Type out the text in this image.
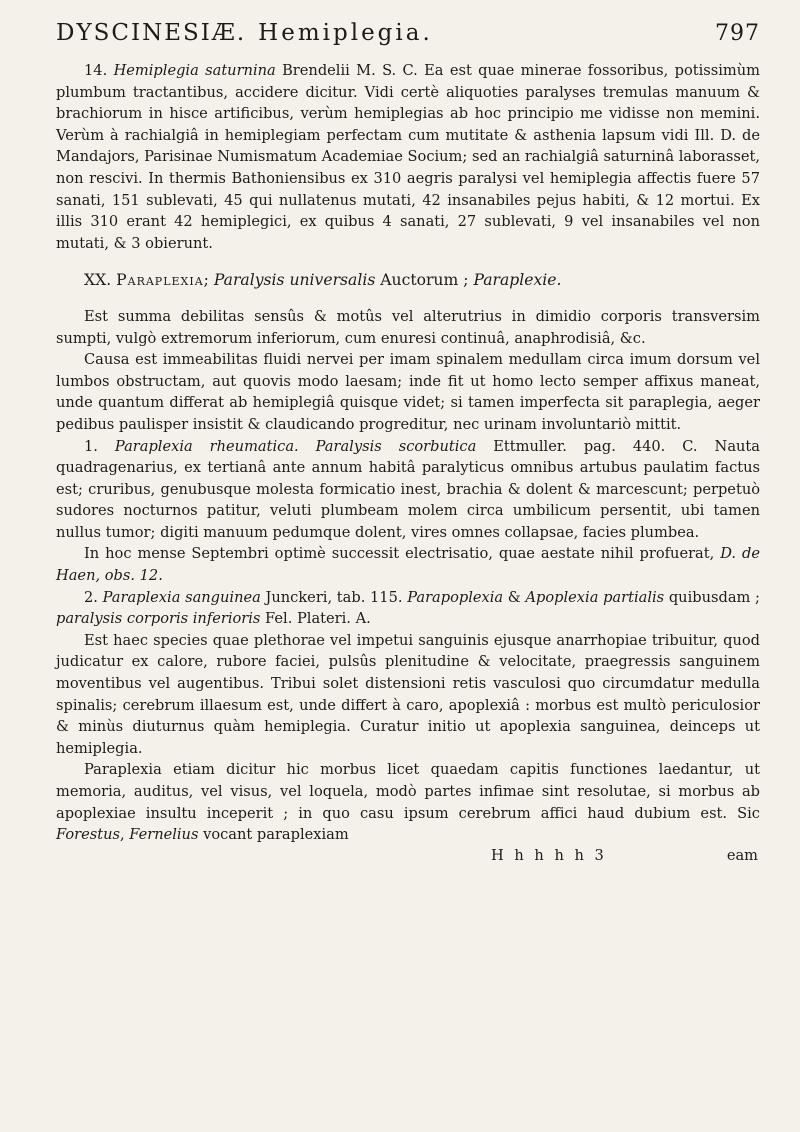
DYSCINESIÆ. Hemiplegia.	797

14. Hemiplegia saturnina Brendelii M. S. C. Ea est quae minerae fossoribus, potissimùm plumbum tractantibus, accidere dicitur. Vidi certè aliquoties paralyses tremulas manuum & brachiorum in hisce artificibus, verùm hemiplegias ab hoc principio me vidisse non memini. Verùm à rachialgiâ in hemiplegiam perfectam cum mutitate & asthenia lapsum vidi Ill. D. de Mandajors, Parisinae Numismatum Academiae Socium; sed an rachialgiâ saturninâ laborasset, non rescivi. In thermis Bathoniensibus ex 310 aegris paralysi vel hemiplegia affectis fuere 57 sanati, 151 sublevati, 45 qui nullatenus mutati, 42 insanabiles pejus habiti, & 12 mortui. Ex illis 310 erant 42 hemiplegici, ex quibus 4 sanati, 27 sublevati, 9 vel insanabiles vel non mutati, & 3 obierunt.

XX. Paraplexia; Paralysis universalis Auctorum ; Paraplexie.

Est summa debilitas sensûs & motûs vel alterutrius in dimidio corporis transversim sumpti, vulgò extremorum inferiorum, cum enuresi continuâ, anaphrodisiâ, &c.

Causa est immeabilitas fluidi nervei per imam spinalem medullam circa imum dorsum vel lumbos obstructam, aut quovis modo laesam; inde fit ut homo lecto semper affixus maneat, unde quantum differat ab hemiplegiâ quisque videt; si tamen imperfecta sit paraplegia, aeger pedibus paulisper insistit & claudicando progreditur, nec urinam involuntariò mittit.

1. Paraplexia rheumatica. Paralysis scorbutica Ettmuller. pag. 440. C. Nauta quadragenarius, ex tertianâ ante annum habitâ paralyticus omnibus artubus paulatim factus est; cruribus, genubusque molesta formicatio inest, brachia & dolent & marcescunt; perpetuò sudores nocturnos patitur, veluti plumbeam molem circa umbilicum persentit, ubi tamen nullus tumor; digiti manuum pedumque dolent, vires omnes collapsae, facies plumbea.

In hoc mense Septembri optimè successit electrisatio, quae aestate nihil profuerat, D. de Haen, obs. 12.

2. Paraplexia sanguinea Junckeri, tab. 115. Parapoplexia & Apoplexia partialis quibusdam ; paralysis corporis inferioris Fel. Plateri. A.

Est haec species quae plethorae vel impetui sanguinis ejusque anarrhopiae tribuitur, quod judicatur ex calore, rubore faciei, pulsûs plenitudine & velocitate, praegressis sanguinem moventibus vel augentibus. Tribui solet distensioni retis vasculosi quo circumdatur medulla spinalis; cerebrum illaesum est, unde differt à caro, apoplexiâ : morbus est multò periculosior & minùs diuturnus quàm hemiplegia. Curatur initio ut apoplexia sanguinea, deinceps ut hemiplegia.

Paraplexia etiam dicitur hic morbus licet quaedam capitis functiones laedantur, ut memoria, auditus, vel visus, vel loquela, modò partes infimae sint resolutae, si morbus ab apoplexiae insultu inceperit ; in quo casu ipsum cerebrum affici haud dubium est. Sic Forestus, Fernelius vocant paraplexiam

H h h h h 3	eam
